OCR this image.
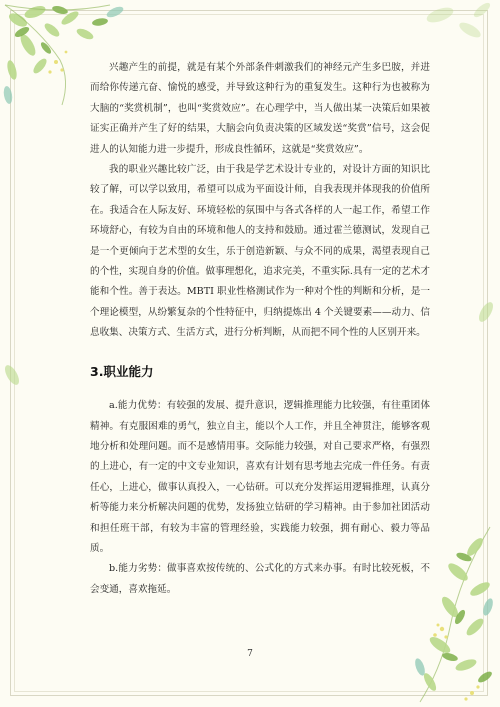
兴趣产生的前提，就是有某个外部条件刺激我们的神经元产生多巴胺，并进而给你传递亢奋、愉悦的感受，并导致这种行为的重复发生。这种行为也被称为大脑的“奖赏机制”，也叫“奖赏效应”。在心理学中，当人做出某一决策后如果被证实正确并产生了好的结果，大脑会向负责决策的区域发送“奖赏”信号，这会促进人的认知能力进一步提升，形成良性循环，这就是“奖赏效应”。

我的职业兴趣比较广泛，由于我是学艺术设计专业的，对设计方面的知识比较了解，可以学以致用，希望可以成为平面设计师，自我表现并体现我的价值所在。我适合在人际友好、环境轻松的氛围中与各式各样的人一起工作，希望工作环境舒心，有较为自由的环境和他人的支持和鼓励。通过霍兰德测试，发现自己是一个更倾向于艺术型的女生，乐于创造新颖、与众不同的成果，渴望表现自己的个性，实现自身的价值。做事理想化，追求完美，不重实际.具有一定的艺术才能和个性。善于表达。MBTI 职业性格测试作为一种对个性的判断和分析，是一个理论模型，从纷繁复杂的个性特征中，归纳提炼出 4 个关键要素——动力、信息收集、决策方式、生活方式，进行分析判断，从而把不同个性的人区别开来。

3.职业能力

a.能力优势：有较强的发展、提升意识，逻辑推理能力比较强，有往重团体精神。有克服困难的勇气，独立自主，能以个人工作，并且全神贯注，能够客观地分析和处理问题。而不是感情用事。交际能力较强，对自己要求严格，有强烈的上进心，有一定的中文专业知识，喜欢有计划有思考地去完成一件任务。有责任心，上进心，做事认真投入，一心钻研。可以充分发挥运用逻辑推理，认真分析等能力来分析解决问题的优势，发扬独立钻研的学习精神。由于参加社团活动和担任班干部，有较为丰富的管理经验，实践能力较强，拥有耐心、毅力等品质。

b.能力劣势：做事喜欢按传统的、公式化的方式来办事。有时比较死板，不会变通，喜欢拖延。

7
